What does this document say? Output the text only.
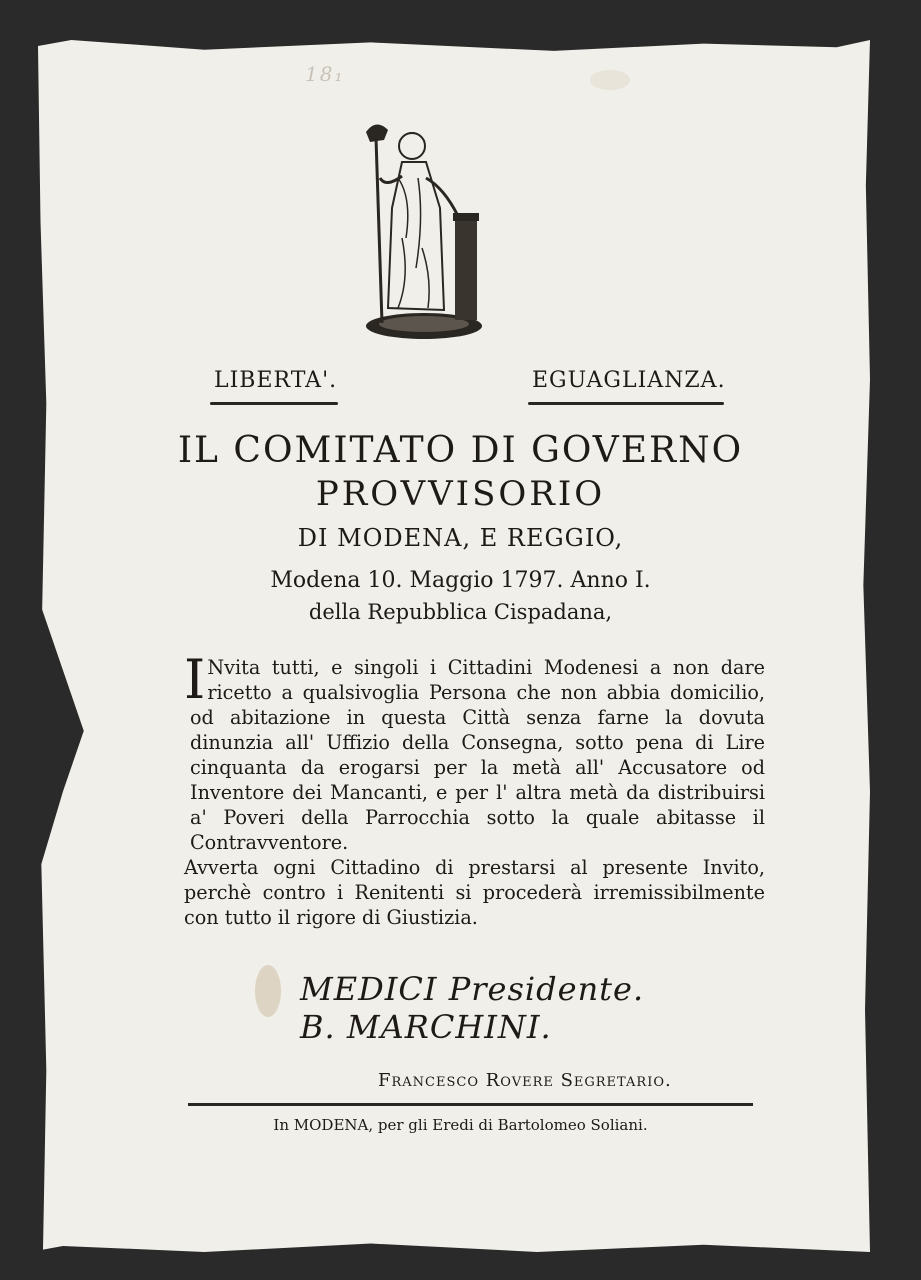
18₁
LIBERTA'.	EGUAGLIANZA.
IL COMITATO DI GOVERNO
PROVVISORIO
DI MODENA, E REGGIO,
Modena 10. Maggio 1797. Anno I.
della Repubblica Cispadana,

I Nvita tutti, e singoli i Cittadini Modenesi a non dare ricetto a qualsivoglia Persona che non abbia domicilio, od abitazione in questa Città senza farne la dovuta dinunzia all' Uffizio della Consegna, sotto pena di Lire cinquanta da erogarsi per la metà all' Accusatore od Inventore dei Mancanti, e per l' altra metà da distribuirsi a' Poveri della Parrocchia sotto la quale abitasse il Contravventore.

Avverta ogni Cittadino di prestarsi al presente Invito, perchè contro i Renitenti si procederà irremissibilmente con tutto il rigore di Giustizia.

MEDICI Presidente.
B. MARCHINI.
Francesco Rovere Segretario.
In MODENA, per gli Eredi di Bartolomeo Soliani.
